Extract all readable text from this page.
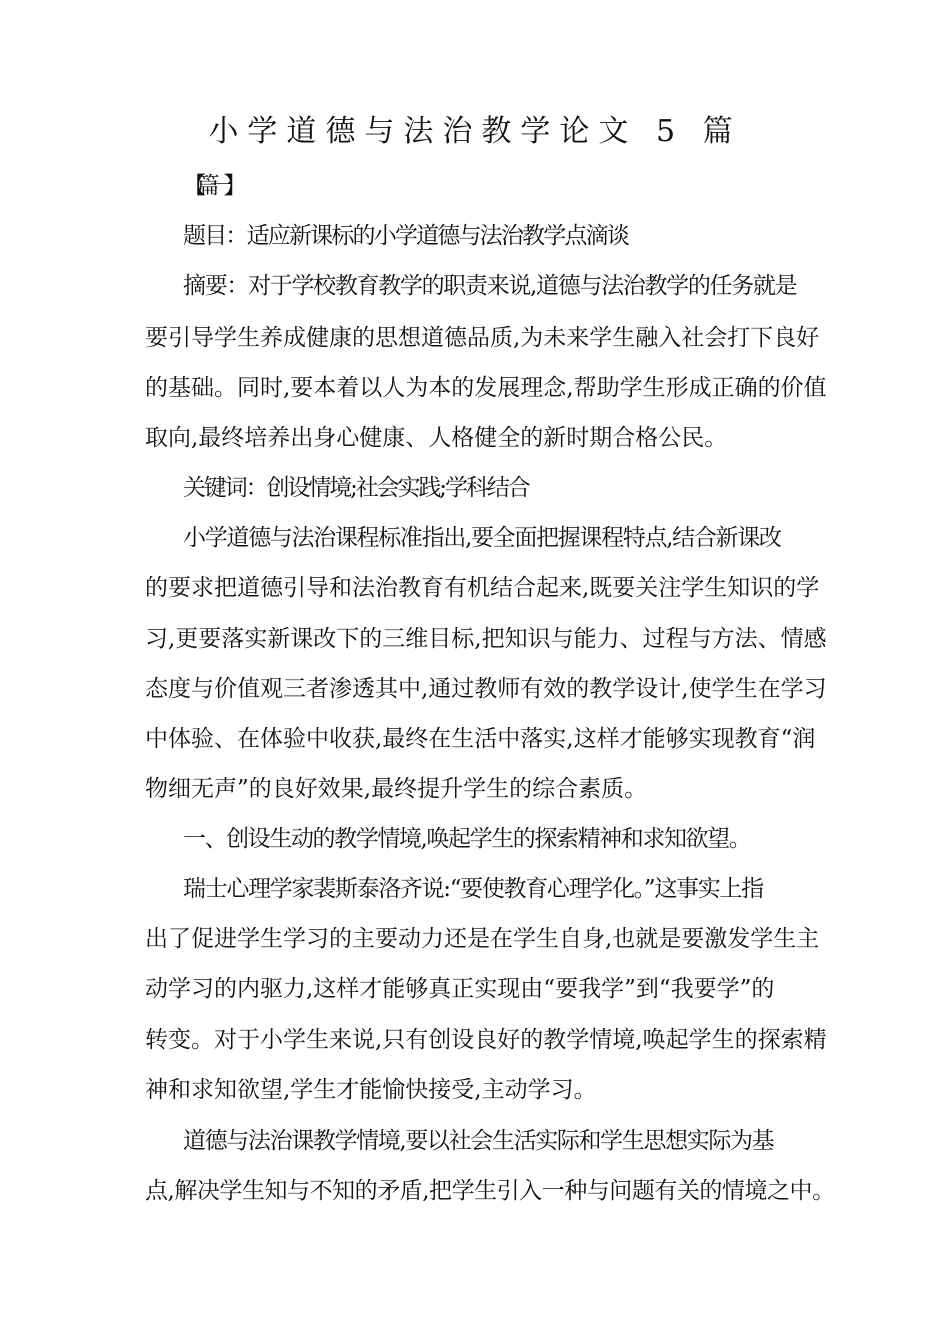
小学道德与法治教学论文 5 篇
【篇一】
题目：适应新课标的小学道德与法治教学点滴谈
摘要：对于学校教育教学的职责来说,道德与法治教学的任务就是
要引导学生养成健康的思想道德品质,为未来学生融入社会打下良好
的基础。同时,要本着以人为本的发展理念,帮助学生形成正确的价值
取向,最终培养出身心健康、人格健全的新时期合格公民。
关键词：创设情境;社会实践;学科结合
小学道德与法治课程标准指出,要全面把握课程特点,结合新课改
的要求把道德引导和法治教育有机结合起来,既要关注学生知识的学
习,更要落实新课改下的三维目标,把知识与能力、过程与方法、情感
态度与价值观三者渗透其中,通过教师有效的教学设计,使学生在学习
中体验、在体验中收获,最终在生活中落实,这样才能够实现教育“润
物细无声”的良好效果,最终提升学生的综合素质。
一、创设生动的教学情境,唤起学生的探索精神和求知欲望。
瑞士心理学家裴斯泰洛齐说:“要使教育心理学化。”这事实上指
出了促进学生学习的主要动力还是在学生自身,也就是要激发学生主
动学习的内驱力,这样才能够真正实现由“要我学”到“我要学”的
转变。对于小学生来说,只有创设良好的教学情境,唤起学生的探索精
神和求知欲望,学生才能愉快接受,主动学习。
道德与法治课教学情境,要以社会生活实际和学生思想实际为基
点,解决学生知与不知的矛盾,把学生引入一种与问题有关的情境之中。
